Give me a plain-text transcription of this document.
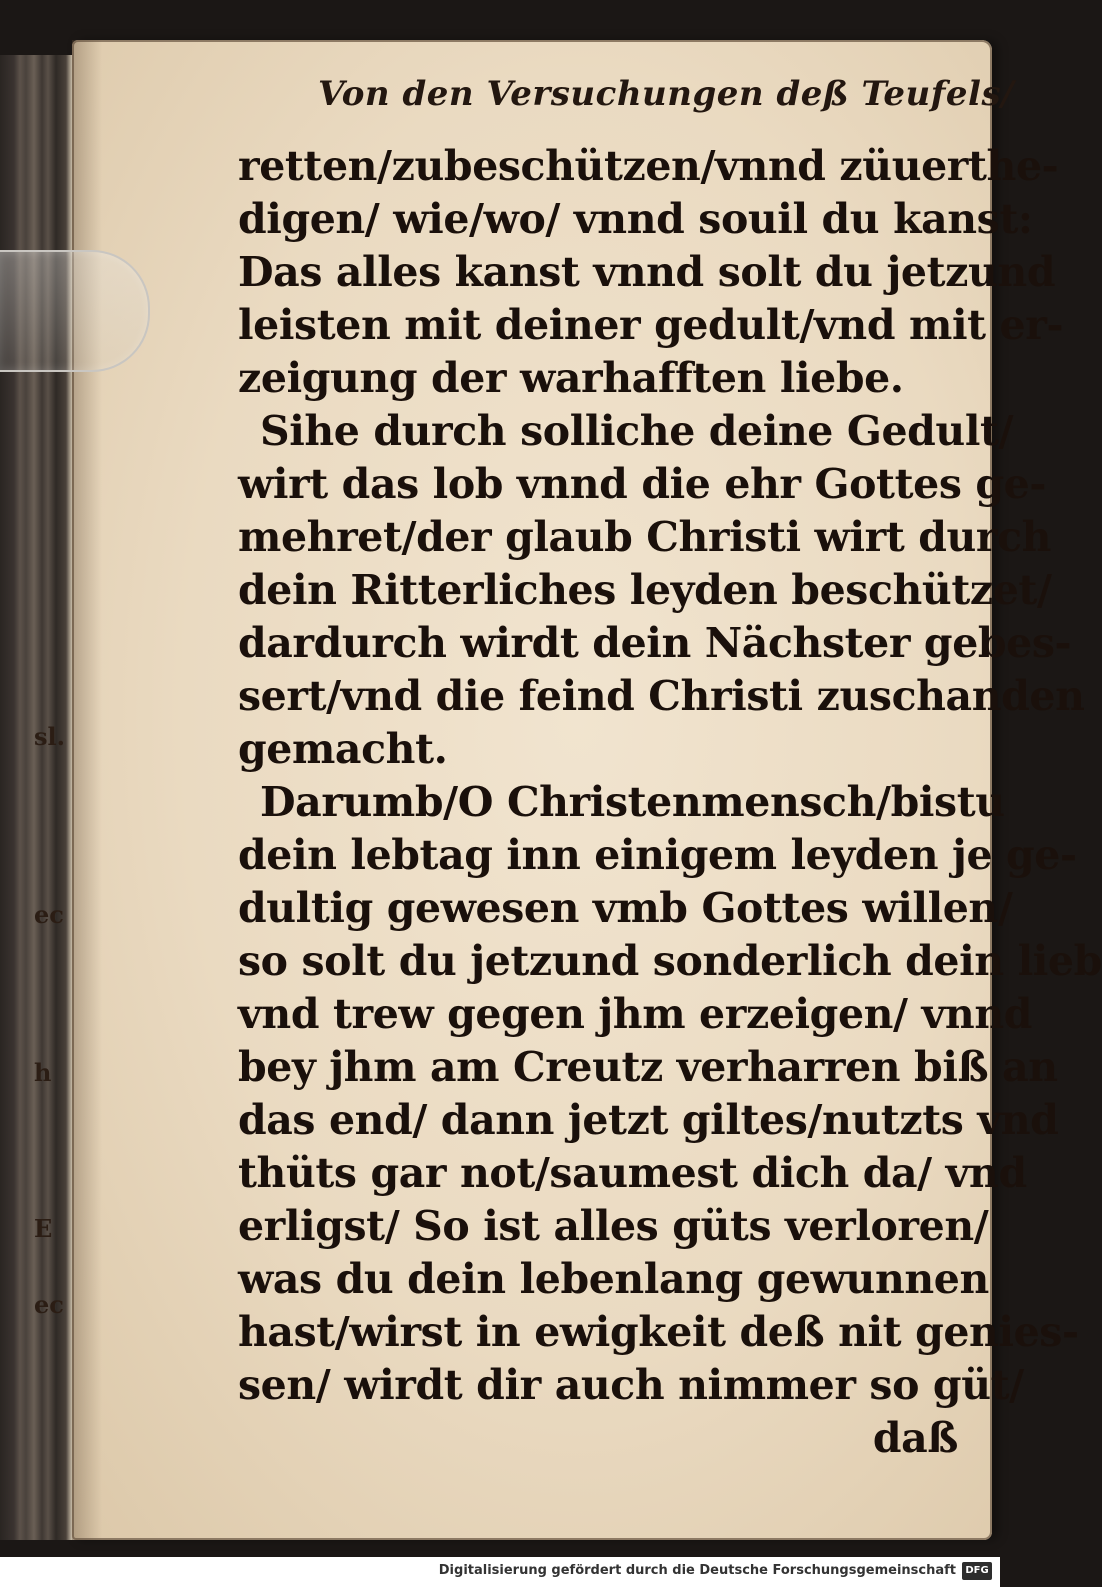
sl.
ec
h
E
ec
Von den Versuchungen deß Teufels/
retten/zubeschützen/vnnd züuerthe-
digen/ wie/wo/ vnnd souil du kanst:
Das alles kanst vnnd solt du jetzund
leisten mit deiner gedult/vnd mit er-
zeigung der warhafften liebe.
Sihe durch solliche deine Gedult/
wirt das lob vnnd die ehr Gottes ge-
mehret/der glaub Christi wirt durch
dein Ritterliches leyden beschützet/
dardurch wirdt dein Nächster gebes-
sert/vnd die feind Christi zuschanden
gemacht.
Darumb/O Christenmensch/bistu
dein lebtag inn einigem leyden je ge-
dultig gewesen vmb Gottes willen/
so solt du jetzund sonderlich dein lieb
vnd trew gegen jhm erzeigen/ vnnd
bey jhm am Creutz verharren biß an
das end/ dann jetzt giltes/nutzts vnd
thüts gar not/saumest dich da/ vnd
erligst/ So ist alles güts verloren/
was du dein lebenlang gewunnen
hast/wirst in ewigkeit deß nit genies-
sen/ wirdt dir auch nimmer so güt/
daß
Digitalisierung gefördert durch die Deutsche Forschungsgemeinschaft DFG
